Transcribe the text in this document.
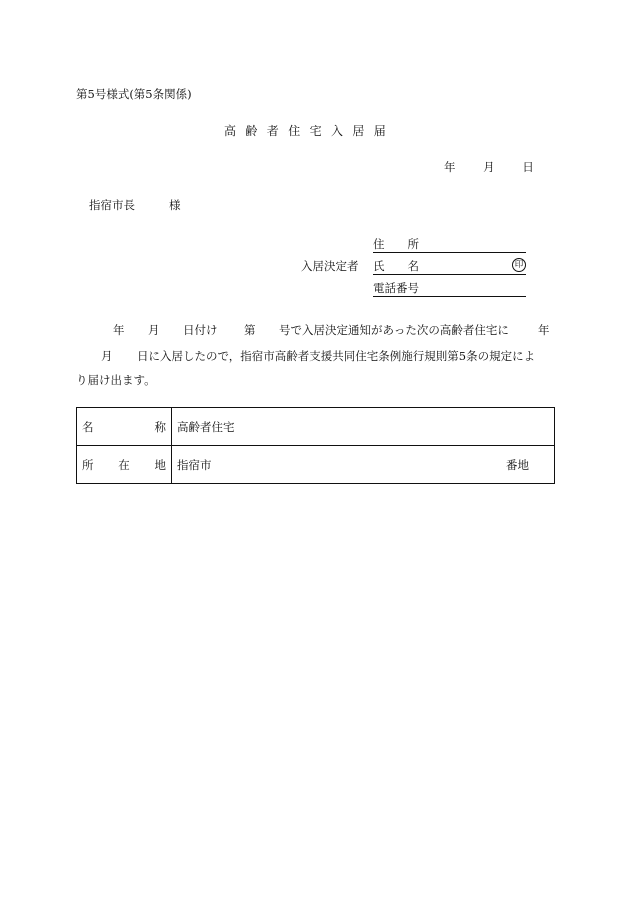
第5号様式(第5条関係)
高齢者住宅入居届
年 月 日
指宿市長	様
入居決定者
住　　所
氏　　名	印
電話番号
年 月 日付け 第 号で入居決定通知があった次の高齢者住宅に	年
月 日に入居したので，指宿市高齢者支援共同住宅条例施行規則第5条の規定によ
り届け出ます。
名 称	高齢者住宅

所 在 地	指宿市 番地
